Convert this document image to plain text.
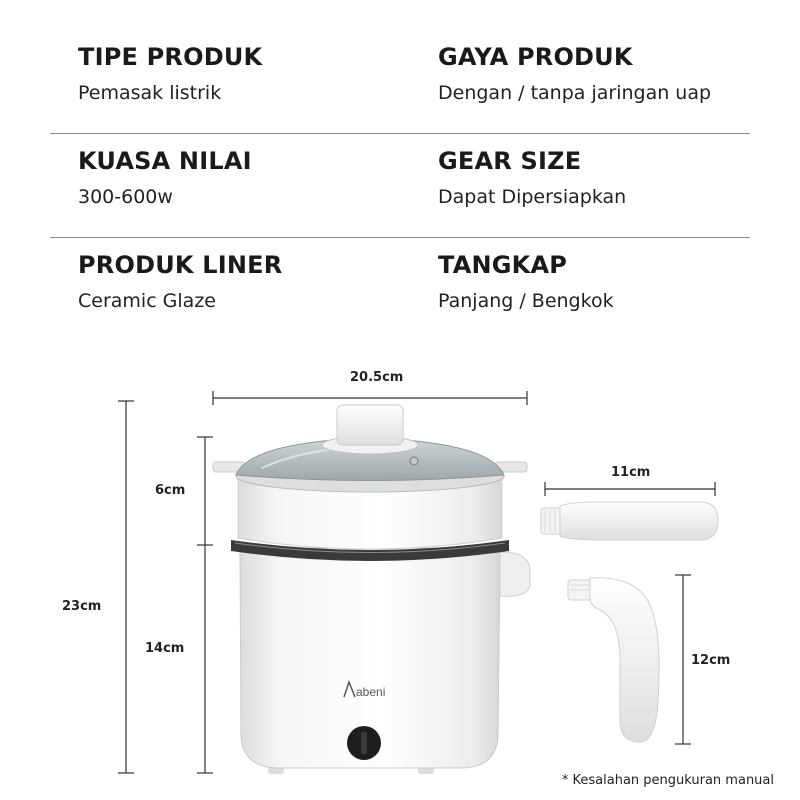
TIPE PRODUK
Pemasak listrik
GAYA PRODUK
Dengan / tanpa jaringan uap
KUASA NILAI
300-600w
GEAR SIZE
Dapat Dipersiapkan
PRODUK LINER
Ceramic Glaze
TANGKAP
Panjang / Bengkok
abeni
20.5cm
23cm
6cm
14cm
11cm
12cm
* Kesalahan pengukuran manual
